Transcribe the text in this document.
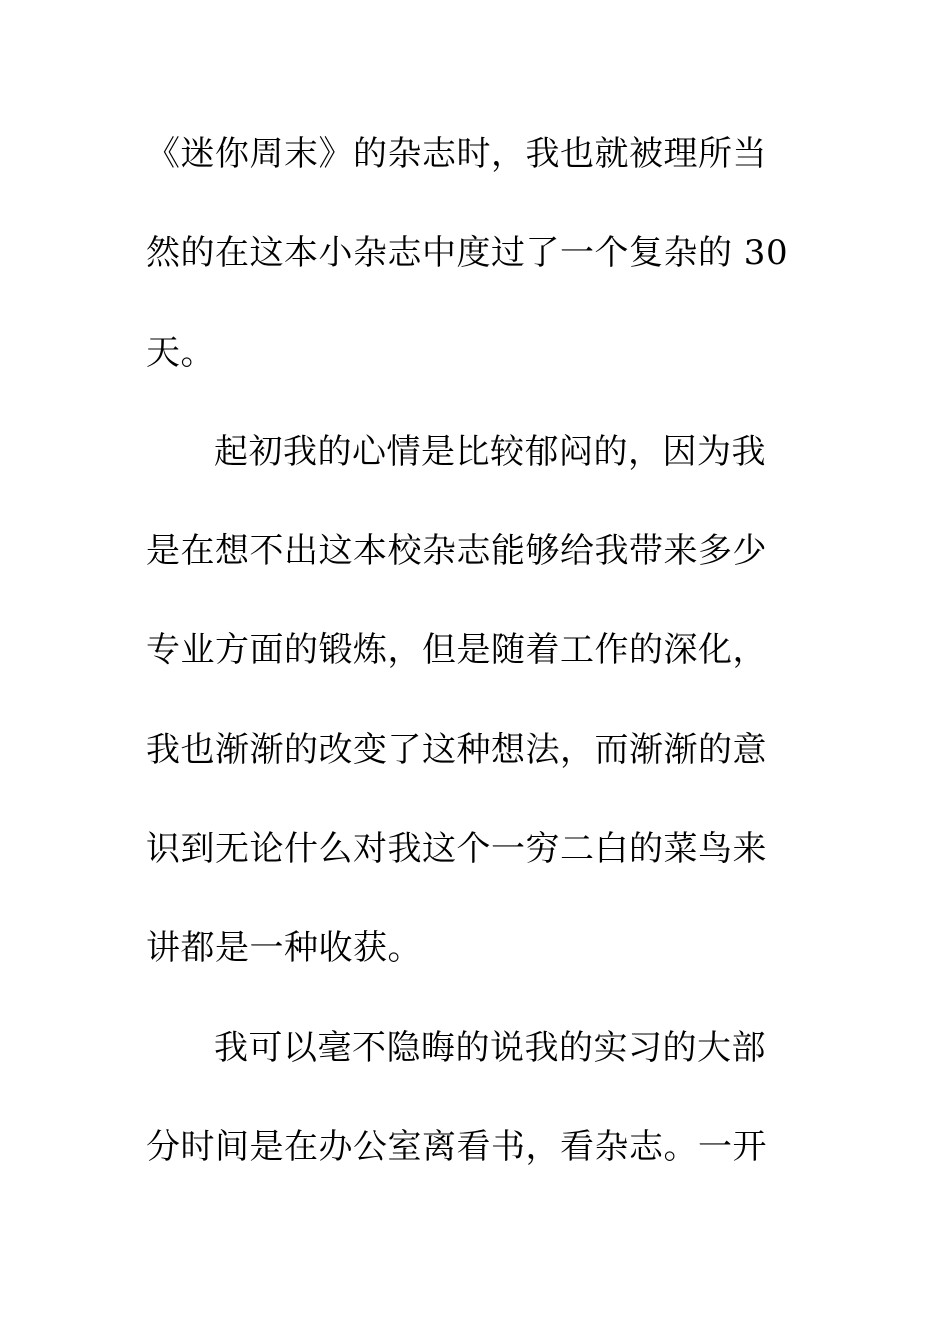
《迷你周末》的杂志时，我也就被理所当
然的在这本小杂志中度过了一个复杂的 30
天。
起初我的心情是比较郁闷的，因为我
是在想不出这本校杂志能够给我带来多少
专业方面的锻炼，但是随着工作的深化，
我也渐渐的改变了这种想法，而渐渐的意
识到无论什么对我这个一穷二白的菜鸟来
讲都是一种收获。
我可以毫不隐晦的说我的实习的大部
分时间是在办公室离看书，看杂志。一开
